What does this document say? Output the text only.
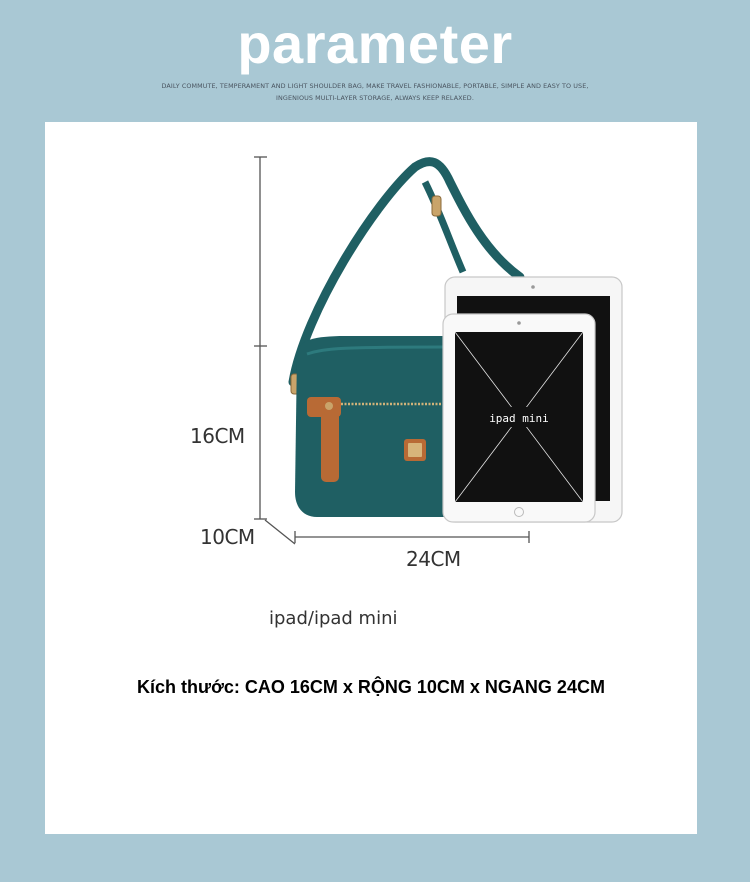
parameter
DAILY COMMUTE, TEMPERAMENT AND LIGHT SHOULDER BAG, MAKE TRAVEL FASHIONABLE, PORTABLE, SIMPLE AND EASY TO USE,
INGENIOUS MULTI-LAYER STORAGE, ALWAYS KEEP RELAXED.
ipad mini
16CM
10CM
24CM
ipad/ipad mini
Kích thước: CAO 16CM x RỘNG 10CM x NGANG 24CM
